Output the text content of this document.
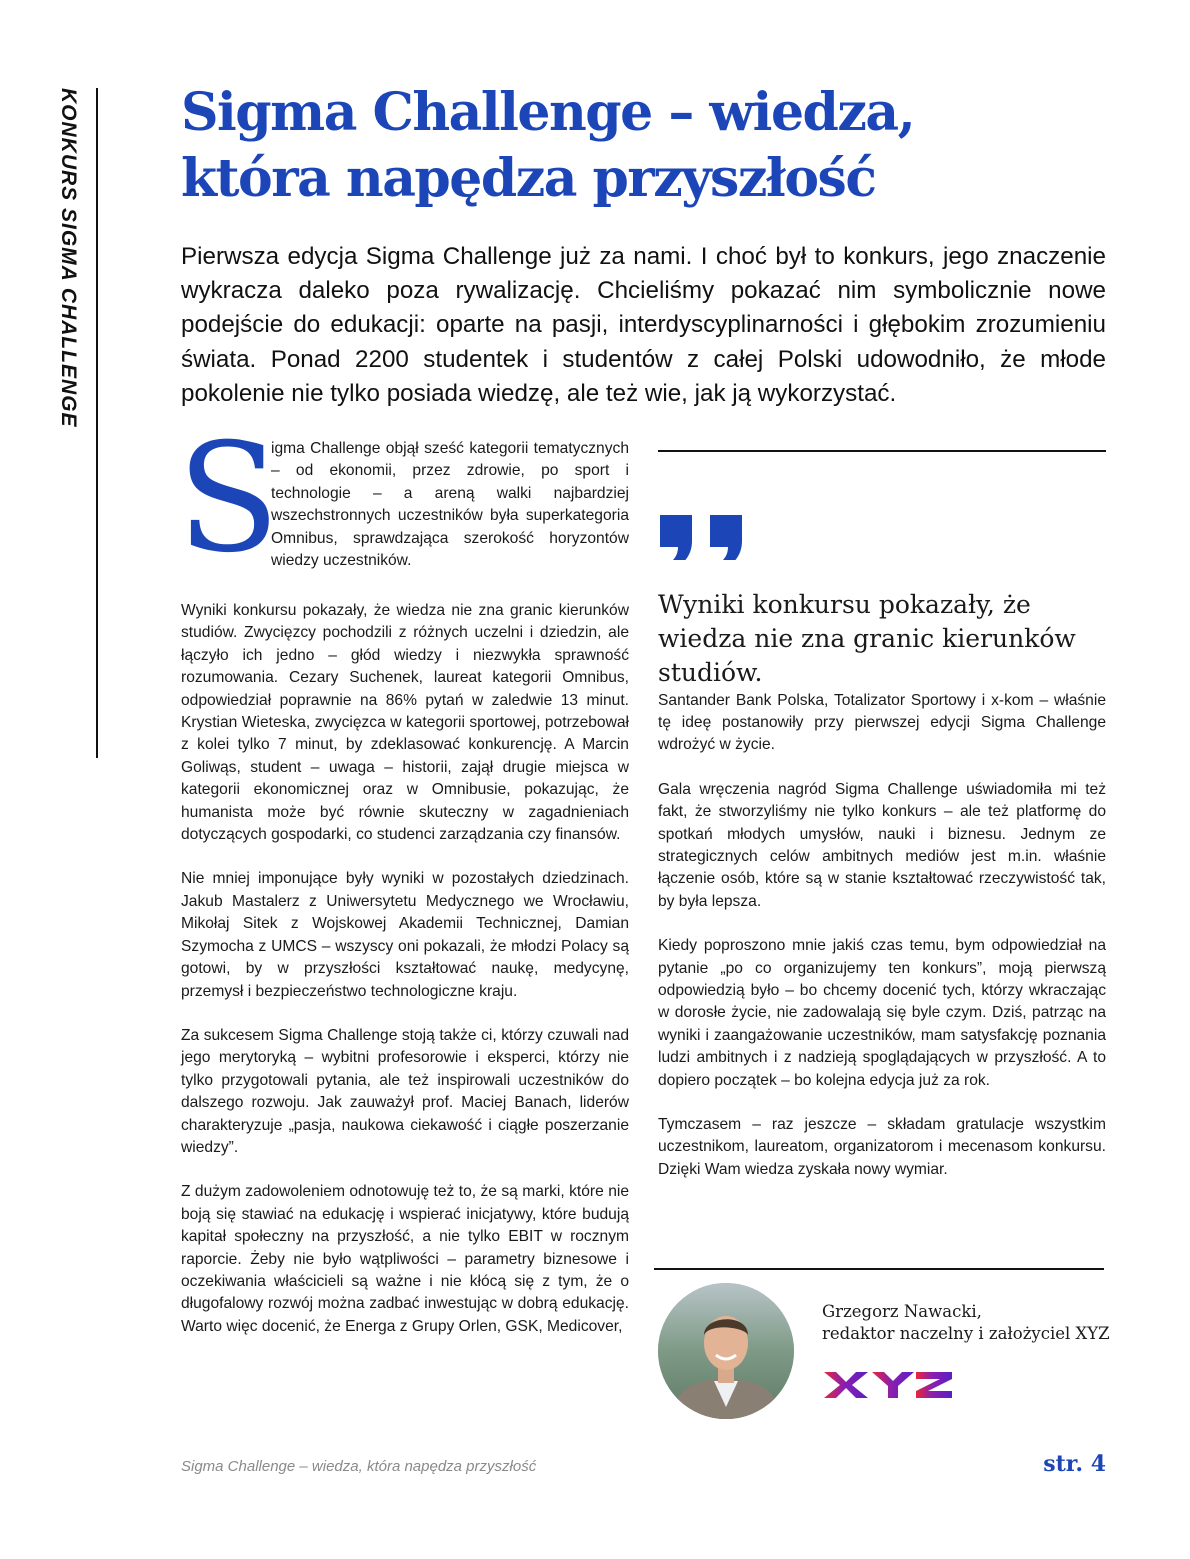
KONKURS SIGMA CHALLENGE Sigma Challenge – wiedza,
która napędza przyszłość

Pierwsza edycja Sigma Challenge już za nami. I choć był to konkurs, jego znaczenie wykracza daleko poza rywalizację. Chcieliśmy pokazać nim symbolicznie nowe podejście do edukacji: oparte na pasji, interdyscyplinarności i głębokim zrozumieniu świata. Ponad 2200 studentek i studentów z całej Polski udowodniło, że młode pokolenie nie tylko posiada wiedzę, ale też wie, jak ją wykorzystać.

S

igma Challenge objął sześć kategorii tematycznych – od ekonomii, przez zdrowie, po sport i technologie – a areną walki najbardziej wszechstronnych uczestników była superkategoria Omnibus, sprawdzająca szerokość horyzontów wiedzy uczestników.

Wyniki konkursu pokazały, że wiedza nie zna granic kierunków studiów. Zwycięzcy pochodzili z różnych uczelni i dziedzin, ale łączyło ich jedno – głód wiedzy i niezwykła sprawność rozumowania. Cezary Suchenek, laureat kategorii Omnibus, odpowiedział poprawnie na 86% pytań w zaledwie 13 minut. Krystian Wieteska, zwycięzca w kategorii sportowej, potrzebował z kolei tylko 7 minut, by zdeklasować konkurencję. A Marcin Goliwąs, student – uwaga – historii, zajął drugie miejsca w kategorii ekonomicznej oraz w Omnibusie, pokazując, że humanista może być równie skuteczny w zagadnieniach dotyczących gospodarki, co studenci zarządzania czy finansów.

Nie mniej imponujące były wyniki w pozostałych dziedzinach. Jakub Mastalerz z Uniwersytetu Medycznego we Wrocławiu, Mikołaj Sitek z Wojskowej Akademii Technicznej, Damian Szymocha z UMCS – wszyscy oni pokazali, że młodzi Polacy są gotowi, by w przyszłości kształtować naukę, medycynę, przemysł i bezpieczeństwo technologiczne kraju.

Za sukcesem Sigma Challenge stoją także ci, którzy czuwali nad jego merytoryką – wybitni profesorowie i eksperci, którzy nie tylko przygotowali pytania, ale też inspirowali uczestników do dalszego rozwoju. Jak zauważył prof. Maciej Banach, liderów charakteryzuje „pasja, naukowa ciekawość i ciągłe poszerzanie wiedzy”.

Z dużym zadowoleniem odnotowuję też to, że są marki, które nie boją się stawiać na edukację i wspierać inicjatywy, które budują kapitał społeczny na przyszłość, a nie tylko EBIT w rocznym raporcie. Żeby nie było wątpliwości – parametry biznesowe i oczekiwania właścicieli są ważne i nie kłócą się z tym, że o długofalowy rozwój można zadbać inwestując w dobrą edukację. Warto więc docenić, że Energa z Grupy Orlen, GSK, Medicover,

Wyniki konkursu pokazały, że wiedza nie zna granic kierunków studiów.

Santander Bank Polska, Totalizator Sportowy i x-kom – właśnie tę ideę postanowiły przy pierwszej edycji Sigma Challenge wdrożyć w życie.

Gala wręczenia nagród Sigma Challenge uświadomiła mi też fakt, że stworzyliśmy nie tylko konkurs – ale też platformę do spotkań młodych umysłów, nauki i biznesu. Jednym ze strategicznych celów ambitnych mediów jest m.in. właśnie łączenie osób, które są w stanie kształtować rzeczywistość tak, by była lepsza.

Kiedy poproszono mnie jakiś czas temu, bym odpowiedział na pytanie „po co organizujemy ten konkurs”, moją pierwszą odpowiedzią było – bo chcemy docenić tych, którzy wkraczając w dorosłe życie, nie zadowalają się byle czym. Dziś, patrząc na wyniki i zaangażowanie uczestników, mam satysfakcję poznania ludzi ambitnych i z nadzieją spoglądających w przyszłość. A to dopiero początek – bo kolejna edycja już za rok.

Tymczasem – raz jeszcze – składam gratulacje wszystkim uczestnikom, laureatom, organizatorom i mecenasom konkursu. Dzięki Wam wiedza zyskała nowy wymiar.

Grzegorz Nawacki,
redaktor naczelny i założyciel XYZ
Sigma Challenge – wiedza, która napędza przyszłość	str. 4
